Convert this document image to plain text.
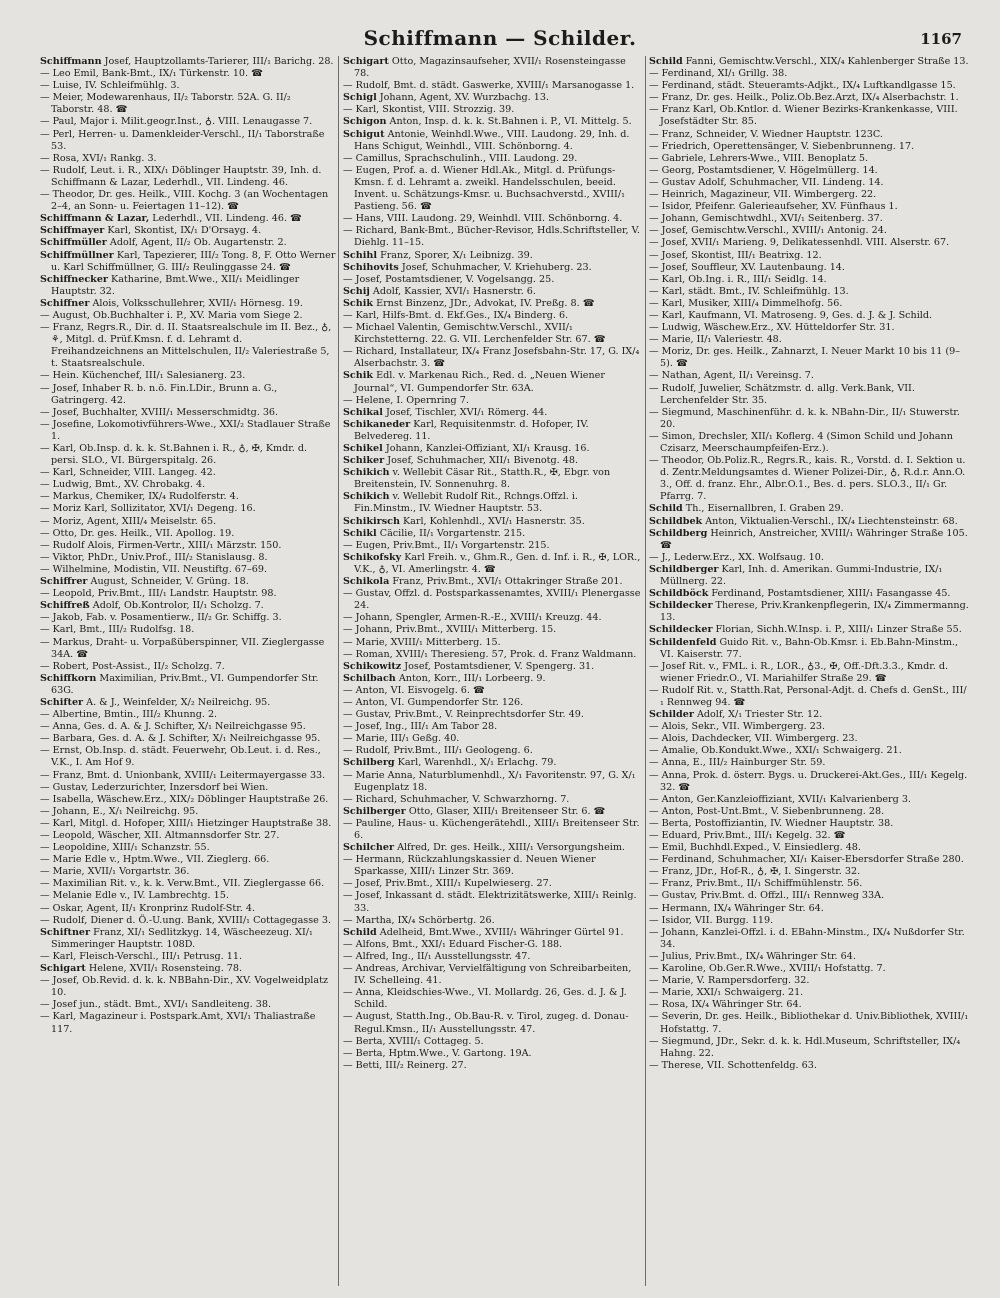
Schiffmann — Schilder.	1167

Schiffmann Josef, Hauptzollamts-Tarierer, III/₁ Barichg. 28.

— Leo Emil, Bank-Bmt., IX/₁ Türkenstr. 10. ☎

— Luise, IV. Schleifmühlg. 3.

— Meier, Modewarenhaus, II/₂ Taborstr. 52A. G. II/₂ Taborstr. 48. ☎

— Paul, Major i. Milit.geogr.Inst., ♁. VIII. Lenaugasse 7.

— Perl, Herren- u. Damenkleider-Verschl., II/₁ Taborstraße 53.

— Rosa, XVI/₁ Rankg. 3.

— Rudolf, Leut. i. R., XIX/₁ Döblinger Hauptstr. 39, Inh. d. Schiffmann & Lazar, Lederhdl., VII. Lindeng. 46.

— Theodor, Dr. ges. Heilk., VIII. Kochg. 3 (an Wochentagen 2–4, an Sonn- u. Feiertagen 11–12). ☎

Schiffmann & Lazar, Lederhdl., VII. Lindeng. 46. ☎

Schiffmayer Karl, Skontist, IX/₁ D'Orsayg. 4.

Schiffmüller Adolf, Agent, II/₂ Ob. Augartenstr. 2.

Schiffmüllner Karl, Tapezierer, III/₂ Tong. 8, F. Otto Werner u. Karl Schiffmüllner, G. III/₂ Reulinggasse 24. ☎

Schiffnecker Katharine, Bmt.Wwe., XII/₁ Meidlinger Hauptstr. 32.

Schiffner Alois, Volksschullehrer, XVII/₁ Hörnesg. 19.

— August, Ob.Buchhalter i. P., XV. Maria vom Siege 2.

— Franz, Regrs.R., Dir. d. II. Staatsrealschule im II. Bez., ♁, ⚘, Mitgl. d. Prüf.Kmsn. f. d. Lehramt d. Freihandzeichnens an Mittelschulen, II/₂ Valeriestraße 5, t. Staatsrealschule.

— Hein. Küchenchef, III/₁ Salesianerg. 23.

— Josef, Inhaber R. b. n.ö. Fin.LDir., Brunn a. G., Gatringerg. 42.

— Josef, Buchhalter, XVIII/₁ Messerschmidtg. 36.

— Josefine, Lokomotivführers-Wwe., XXI/₂ Stadlauer Straße 1.

— Karl, Ob.Insp. d. k. k. St.Bahnen i. R., ♁, ✠, Kmdr. d. persi. SLO., VI. Bürgerspitalg. 26.

— Karl, Schneider, VIII. Langeg. 42.

— Ludwig, Bmt., XV. Chrobakg. 4.

— Markus, Chemiker, IX/₄ Rudolferstr. 4.

— Moriz Karl, Sollizitator, XVI/₁ Degeng. 16.

— Moriz, Agent, XIII/₄ Meiselstr. 65.

— Otto, Dr. ges. Heilk., VII. Apollog. 19.

— Rudolf Alois, Firmen-Vertr., XIII/₁ Märzstr. 150.

— Viktor, PhDr., Univ.Prof., III/₂ Stanislausg. 8.

— Wilhelmine, Modistin, VII. Neustiftg. 67–69.

Schiffrer August, Schneider, V. Grüng. 18.

— Leopold, Priv.Bmt., III/₁ Landstr. Hauptstr. 98.

Schiffreß Adolf, Ob.Kontrolor, II/₁ Scholzg. 7.

— Jakob, Fab. v. Posamentierw., II/₂ Gr. Schiffg. 3.

— Karl, Bmt., III/₂ Rudolfsg. 18.

— Markus, Draht- u. Vorpaßüberspinner, VII. Zieglergasse 34A. ☎

— Robert, Post-Assist., II/₂ Scholzg. 7.

Schiffkorn Maximilian, Priv.Bmt., VI. Gumpendorfer Str. 63G.

Schifter A. & J., Weinfelder, X/₂ Neilreichg. 95.

— Albertine, Bmtin., III/₂ Khunng. 2.

— Anna, Ges. d. A. & J. Schifter, X/₁ Neilreichgasse 95.

— Barbara, Ges. d. A. & J. Schifter, X/₁ Neilreichgasse 95.

— Ernst, Ob.Insp. d. städt. Feuerwehr, Ob.Leut. i. d. Res., V.K., I. Am Hof 9.

— Franz, Bmt. d. Unionbank, XVIII/₁ Leitermayergasse 33.

— Gustav, Lederzurichter, Inzersdorf bei Wien.

— Isabella, Wäschew.Erz., XIX/₂ Döblinger Hauptstraße 26.

— Johann, E., X/₁ Neilreichg. 95.

— Karl, Mitgl. d. Hofoper, XIII/₁ Hietzinger Hauptstraße 38.

— Leopold, Wäscher, XII. Altmannsdorfer Str. 27.

— Leopoldine, XIII/₁ Schanzstr. 55.

— Marie Edle v., Hptm.Wwe., VII. Zieglerg. 66.

— Marie, XVII/₁ Vorgartstr. 36.

— Maximilian Rit. v., k. k. Verw.Bmt., VII. Zieglergasse 66.

— Melanie Edle v., IV. Lambrechtg. 15.

— Oskar, Agent, II/₁ Kronprinz Rudolf-Str. 4.

— Rudolf, Diener d. Ö.-U.ung. Bank, XVIII/₁ Cottagegasse 3.

Schiftner Franz, XI/₁ Sedlitzkyg. 14, Wäscheezeug. XI/₁ Simmeringer Hauptstr. 108D.

— Karl, Fleisch-Verschl., III/₁ Petrusg. 11.

Schigart Helene, XVII/₁ Rosensteing. 78.

— Josef, Ob.Revid. d. k. k. NBBahn-Dir., XV. Vogelweidplatz 10.

— Josef jun., städt. Bmt., XVI/₁ Sandleiteng. 38.

— Karl, Magazineur i. Postspark.Amt, XVI/₁ Thaliastraße 117.

Schigart Otto, Magazinsaufseher, XVII/₁ Rosensteingasse 78.

— Rudolf, Bmt. d. städt. Gaswerke, XVIII/₁ Marsanogasse 1.

Schigl Johann, Agent, XV. Wurzbachg. 13.

— Karl, Skontist, VIII. Strozzig. 39.

Schigon Anton, Insp. d. k. k. St.Bahnen i. P., VI. Mittelg. 5.

Schigut Antonie, Weinhdl.Wwe., VIII. Laudong. 29, Inh. d. Hans Schigut, Weinhdl., VIII. Schönborng. 4.

— Camillus, Sprachschulinh., VIII. Laudong. 29.

— Eugen, Prof. a. d. Wiener Hdl.Ak., Mitgl. d. Prüfungs-Kmsn. f. d. Lehramt a. zweikl. Handelsschulen, beeid. Invent. u. Schätzungs-Kmsr. u. Buchsachverstd., XVIII/₁ Pastieng. 56. ☎

— Hans, VIII. Laudong. 29, Weinhdl. VIII. Schönborng. 4.

— Richard, Bank-Bmt., Bücher-Revisor, Hdls.Schriftsteller, V. Diehlg. 11–15.

Schihl Franz, Sporer, X/₁ Leibnizg. 39.

Schihovits Josef, Schuhmacher, V. Kriehuberg. 23.

— Josef, Postamtsdiener, V. Vogelsangg. 25.

Schij Adolf, Kassier, XVI/₁ Hasnerstr. 6.

Schik Ernst Binzenz, JDr., Advokat, IV. Preßg. 8. ☎

— Karl, Hilfs-Bmt. d. Ekf.Ges., IX/₄ Binderg. 6.

— Michael Valentin, Gemischtw.Verschl., XVII/₁ Kirchstetterng. 22. G. VII. Lerchenfelder Str. 67. ☎

— Richard, Installateur, IX/₄ Franz Josefsbahn-Str. 17, G. IX/₄ Alserbachstr. 3. ☎

Schik Edl. v. Markenau Rich., Red. d. „Neuen Wiener Journal“, VI. Gumpendorfer Str. 63A.

— Helene, I. Opernring 7.

Schikal Josef, Tischler, XVI/₁ Römerg. 44.

Schikaneder Karl, Requisitenmstr. d. Hofoper, IV. Belvedereg. 11.

Schikel Johann, Kanzlei-Offiziant, XI/₁ Krausg. 16.

Schiker Josef, Schuhmacher, XII/₁ Bivenotg. 48.

Schikich v. Wellebit Cäsar Rit., Statth.R., ✠, Ebgr. von Breitenstein, IV. Sonnenuhrg. 8.

Schikich v. Wellebit Rudolf Rit., Rchngs.Offzl. i. Fin.Minstm., IV. Wiedner Hauptstr. 53.

Schikirsch Karl, Kohlenhdl., XVI/₁ Hasnerstr. 35.

Schikl Cäcilie, II/₁ Vorgartenstr. 215.

— Eugen, Priv.Bmt., II/₁ Vorgartenstr. 215.

Schikofsky Karl Freih. v., Ghm.R., Gen. d. Inf. i. R., ✠, LOR., V.K., ♁, VI. Amerlingstr. 4. ☎

Schikola Franz, Priv.Bmt., XVI/₁ Ottakringer Straße 201.

— Gustav, Offzl. d. Postsparkassenamtes, XVIII/₁ Plenergasse 24.

— Johann, Spengler, Armen-R.-E., XVIII/₁ Kreuzg. 44.

— Johann, Priv.Bmt., XVIII/₁ Mitterberg. 15.

— Marie, XVIII/₁ Mitterberg. 15.

— Roman, XVIII/₁ Theresieng. 57, Prok. d. Franz Waldmann.

Schikowitz Josef, Postamtsdiener, V. Spengerg. 31.

Schilbach Anton, Korr., III/₁ Lorbeerg. 9.

— Anton, VI. Eisvogelg. 6. ☎

— Anton, VI. Gumpendorfer Str. 126.

— Gustav, Priv.Bmt., V. Reinprechtsdorfer Str. 49.

— Josef, Ing., III/₁ Am Tabor 28.

— Marie, III/₁ Geßg. 40.

— Rudolf, Priv.Bmt., III/₁ Geologeng. 6.

Schilberg Karl, Warenhdl., X/₁ Erlachg. 79.

— Marie Anna, Naturblumenhdl., X/₁ Favoritenstr. 97, G. X/₁ Eugenplatz 18.

— Richard, Schuhmacher, V. Schwarzhorng. 7.

Schilberger Otto, Glaser, XIII/₁ Breitenseer Str. 6. ☎

— Pauline, Haus- u. Küchengerätehdl., XIII/₁ Breitenseer Str. 6.

Schilcher Alfred, Dr. ges. Heilk., XIII/₁ Versorgungsheim.

— Hermann, Rückzahlungskassier d. Neuen Wiener Sparkasse, XIII/₁ Linzer Str. 369.

— Josef, Priv.Bmt., XIII/₁ Kupelwieserg. 27.

— Josef, Inkassant d. städt. Elektrizitätswerke, XIII/₁ Reinlg. 33.

— Martha, IX/₄ Schörbertg. 26.

Schild Adelheid, Bmt.Wwe., XVIII/₁ Währinger Gürtel 91.

— Alfons, Bmt., XXI/₁ Eduard Fischer-G. 188.

— Alfred, Ing., II/₁ Ausstellungsstr. 47.

— Andreas, Archivar, Vervielfältigung von Schreibarbeiten, IV. Schelleing. 41.

— Anna, Kleidschies-Wwe., VI. Mollardg. 26, Ges. d. J. & J. Schild.

— August, Statth.Ing., Ob.Bau-R. v. Tirol, zugeg. d. Donau-Regul.Kmsn., II/₁ Ausstellungsstr. 47.

— Berta, XVIII/₁ Cottageg. 5.

— Berta, Hptm.Wwe., V. Gartong. 19A.

— Betti, III/₂ Reinerg. 27.

Schild Fanni, Gemischtw.Verschl., XIX/₄ Kahlenberger Straße 13.

— Ferdinand, XI/₁ Grillg. 38.

— Ferdinand, städt. Steueramts-Adjkt., IX/₄ Luftkandlgasse 15.

— Franz, Dr. ges. Heilk., Poliz.Ob.Bez.Arzt, IX/₄ Alserbachstr. 1.

— Franz Karl, Ob.Kntlor. d. Wiener Bezirks-Krankenkasse, VIII. Josefstädter Str. 85.

— Franz, Schneider, V. Wiedner Hauptstr. 123C.

— Friedrich, Operettensänger, V. Siebenbrunneng. 17.

— Gabriele, Lehrers-Wwe., VIII. Benoplatz 5.

— Georg, Postamtsdiener, V. Högelmüllerg. 14.

— Gustav Adolf, Schuhmacher, VII. Lindeng. 14.

— Heinrich, Magazineur, VII. Wimbergerg. 22.

— Isidor, Pfeifenr. Galerieaufseher, XV. Fünfhaus 1.

— Johann, Gemischtwdhl., XVI/₁ Seitenberg. 37.

— Josef, Gemischtw.Verschl., XVIII/₁ Antonig. 24.

— Josef, XVII/₁ Marieng. 9, Delikatessenhdl. VIII. Alserstr. 67.

— Josef, Skontist, III/₁ Beatrixg. 12.

— Josef, Souffleur, XV. Lautenbaung. 14.

— Karl, Ob.Ing. i. R., III/₁ Seidlg. 14.

— Karl, städt. Bmt., IV. Schleifmühlg. 13.

— Karl, Musiker, XIII/₄ Dimmelhofg. 56.

— Karl, Kaufmann, VI. Matroseng. 9, Ges. d. J. & J. Schild.

— Ludwig, Wäschew.Erz., XV. Hütteldorfer Str. 31.

— Marie, II/₁ Valeriestr. 48.

— Moriz, Dr. ges. Heilk., Zahnarzt, I. Neuer Markt 10 bis 11 (9–5). ☎

— Nathan, Agent, II/₁ Vereinsg. 7.

— Rudolf, Juwelier, Schätzmstr. d. allg. Verk.Bank, VII. Lerchenfelder Str. 35.

— Siegmund, Maschinenführ. d. k. k. NBahn-Dir., II/₁ Stuwerstr. 20.

— Simon, Drechsler, XII/₁ Koflerg. 4 (Simon Schild und Johann Czisarz, Meerschaumpfeifen-Erz.).

— Theodor, Ob.Poliz.R., Regrs.R., kais. R., Vorstd. d. I. Sektion u. d. Zentr.Meldungsamtes d. Wiener Polizei-Dir., ♁, R.d.r. Ann.O. 3., Off. d. franz. Ehr., Albr.O.1., Bes. d. pers. SLO.3., II/₁ Gr. Pfarrg. 7.

Schild Th., Eisernallbren, I. Graben 29.

Schildbek Anton, Viktualien-Verschl., IX/₄ Liechtensteinstr. 68.

Schildberg Heinrich, Anstreicher, XVIII/₁ Währinger Straße 105. ☎

— J., Lederw.Erz., XX. Wolfsaug. 10.

Schildberger Karl, Inh. d. Amerikan. Gummi-Industrie, IX/₁ Müllnerg. 22.

Schildböck Ferdinand, Postamtsdiener, XIII/₁ Fasangasse 45.

Schildecker Therese, Priv.Krankenpflegerin, IX/₄ Zimmermanng. 13.

Schildecker Florian, Sichh.W.Insp. i. P., XIII/₁ Linzer Straße 55.

Schildenfeld Guido Rit. v., Bahn-Ob.Kmsr. i. Eb.Bahn-Minstm., VI. Kaiserstr. 77.

— Josef Rit. v., FML. i. R., LOR., ♁3., ✠, Off.-Dft.3.3., Kmdr. d. wiener Friedr.O., VI. Mariahilfer Straße 29. ☎

— Rudolf Rit. v., Statth.Rat, Personal-Adjt. d. Chefs d. GenSt., III/₁ Rennweg 94. ☎

Schilder Adolf, X/₁ Triester Str. 12.

— Alois, Sekr., VII. Wimbergerg. 23.

— Alois, Dachdecker, VII. Wimbergerg. 23.

— Amalie, Ob.Kondukt.Wwe., XXI/₁ Schwaigerg. 21.

— Anna, E., III/₂ Hainburger Str. 59.

— Anna, Prok. d. österr. Bygs. u. Druckerei-Akt.Ges., III/₁ Kegelg. 32. ☎

— Anton, Ger.Kanzleioffiziant, XVII/₁ Kalvarienberg 3.

— Anton, Post-Unt.Bmt., V. Siebenbrunneng. 28.

— Berta, Postoffiziantin, IV. Wiedner Hauptstr. 38.

— Eduard, Priv.Bmt., III/₁ Kegelg. 32. ☎

— Emil, Buchhdl.Exped., V. Einsiedlerg. 48.

— Ferdinand, Schuhmacher, XI/₁ Kaiser-Ebersdorfer Straße 280.

— Franz, JDr., Hof-R., ♁, ✠, I. Singerstr. 32.

— Franz, Priv.Bmt., II/₁ Schiffmühlenstr. 56.

— Gustav, Priv.Bmt. d. Offzl., III/₁ Rennweg 33A.

— Hermann, IX/₄ Währinger Str. 64.

— Isidor, VII. Burgg. 119.

— Johann, Kanzlei-Offzl. i. d. EBahn-Minstm., IX/₄ Nußdorfer Str. 34.

— Julius, Priv.Bmt., IX/₄ Währinger Str. 64.

— Karoline, Ob.Ger.R.Wwe., XVIII/₁ Hofstattg. 7.

— Marie, V. Rampersdorferg. 32.

— Marie, XXI/₁ Schwaigerg. 21.

— Rosa, IX/₄ Währinger Str. 64.

— Severin, Dr. ges. Heilk., Bibliothekar d. Univ.Bibliothek, XVIII/₁ Hofstattg. 7.

— Siegmund, JDr., Sekr. d. k. k. Hdl.Museum, Schriftsteller, IX/₄ Hahng. 22.

— Therese, VII. Schottenfeldg. 63.
